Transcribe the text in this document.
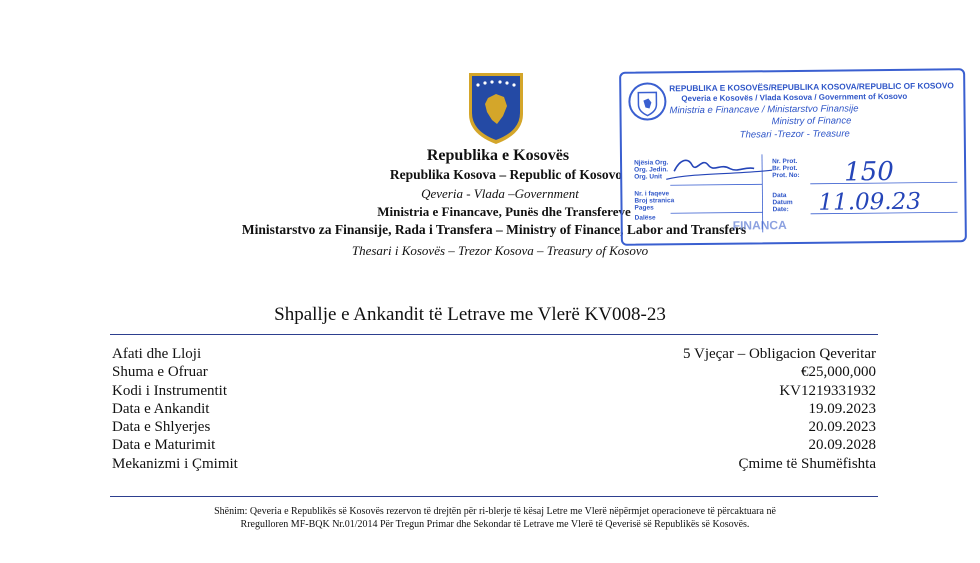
Republika e Kosovës
Republika Kosova – Republic of Kosovo
Qeveria - Vlada –Government
Ministria e Financave, Punës dhe Transfereve
Ministarstvo za Finansije, Rada i Transfera – Ministry of Finance, Labor and Transfers
Thesari i Kosovës – Trezor Kosova – Treasury of Kosovo
REPUBLIKA E KOSOVËS/REPUBLIKA KOSOVA/REPUBLIC OF KOSOVO
Qeveria e Kosovës / Vlada Kosova / Government of Kosovo
Ministria e Financave / Ministarstvo Finansije
Ministry of Finance
Thesari -Trezor - Treasure
Njësia Org.
Org. Jedin.
Org. Unit
Nr. Prot.
Br. Prot.
Prot. No:
Nr. i faqeve
Broj stranica
Pages
Data
Datum
Date:
Dalëse
150
11.09.23
FINANCA
Shpallje e Ankandit të Letrave me Vlerë KV008-23
Afati dhe Lloji	5 Vjeçar – Obligacion Qeveritar
Shuma e Ofruar	€25,000,000
Kodi i Instrumentit	KV1219331932
Data e Ankandit	19.09.2023
Data e Shlyerjes	20.09.2023
Data e Maturimit	20.09.2028
Mekanizmi i Çmimit	Çmime të Shumëfishta
Shënim: Qeveria e Republikës së Kosovës rezervon të drejtën për ri-blerje të kësaj Letre me Vlerë nëpërmjet operacioneve të përcaktuara në
Rregulloren MF-BQK Nr.01/2014 Për Tregun Primar dhe Sekondar të Letrave me Vlerë të Qeverisë së Republikës së Kosovës.
